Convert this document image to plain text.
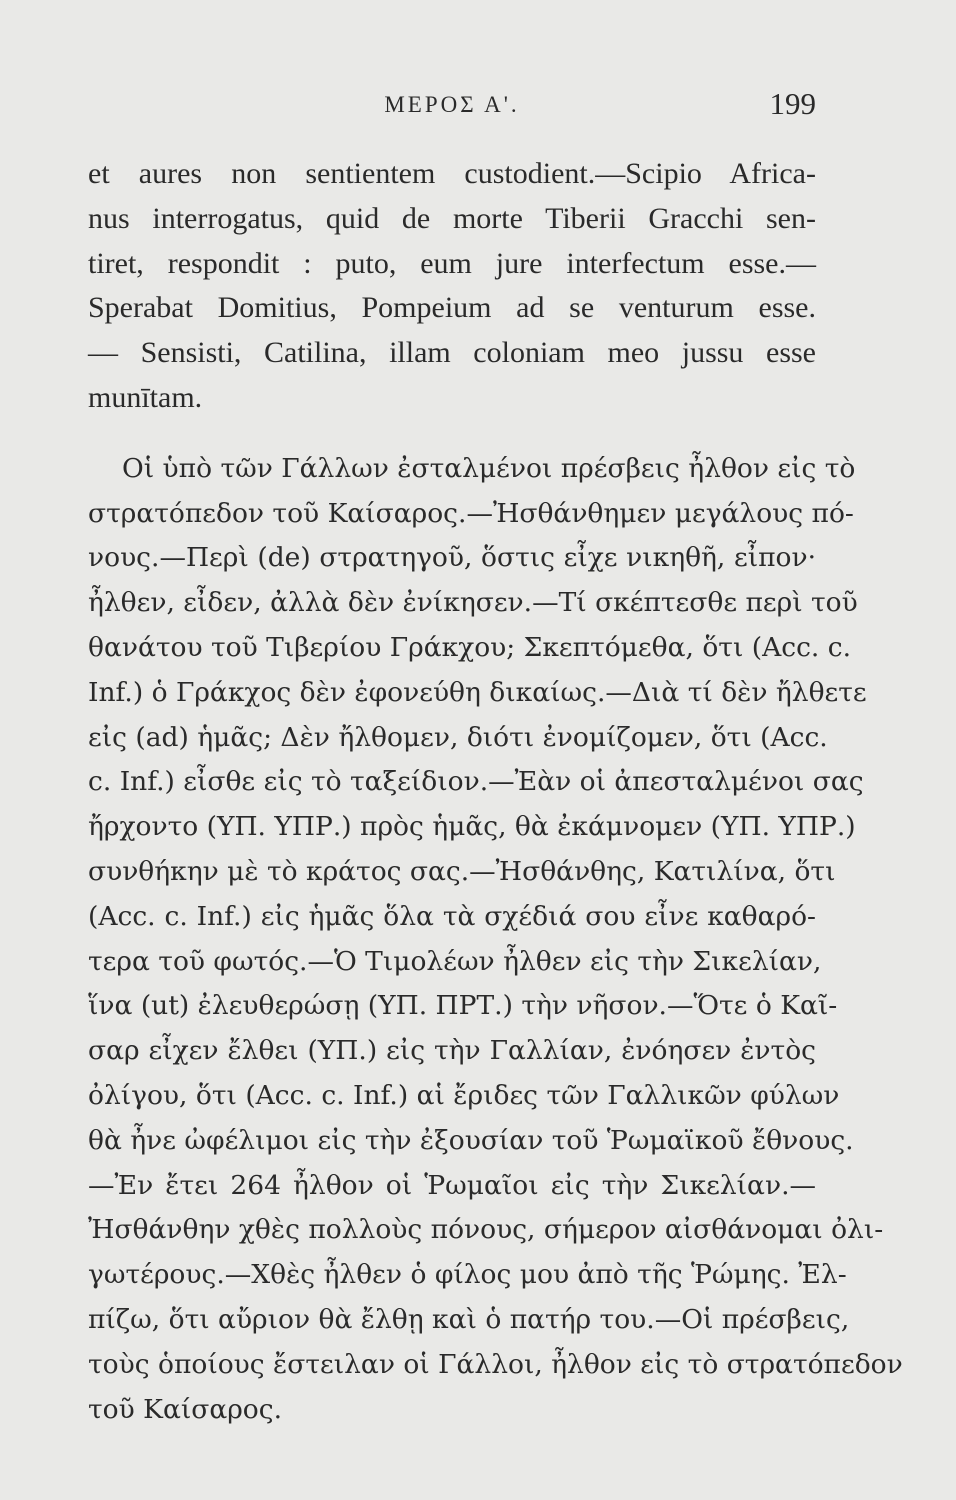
ΜΕΡΟΣ Α'.	199
et aures non sentientem custodient.—Scipio Africa-
nus interrogatus, quid de morte Tiberii Gracchi sen-
tiret, respondit : puto, eum jure interfectum esse.—
Sperabat Domitius, Pompeium ad se venturum esse.
— Sensisti, Catilina, illam coloniam meo jussu esse
munītam.
Οἱ ὑπὸ τῶν Γάλλων ἐσταλμένοι πρέσβεις ἦλθον εἰς τὸ
στρατόπεδον τοῦ Καίσαρος.—Ἠσθάνθημεν μεγάλους πό-
νους.—Περὶ (de) στρατηγοῦ, ὅστις εἶχε νικηθῆ, εἶπον·
ἦλθεν, εἶδεν, ἀλλὰ δὲν ἐνίκησεν.—Τί σκέπτεσθε περὶ τοῦ
θανάτου τοῦ Τιβερίου Γράκχου; Σκεπτόμεθα, ὅτι (Acc. c.
Inf.) ὁ Γράκχος δὲν ἐφονεύθη δικαίως.—Διὰ τί δὲν ἤλθετε
εἰς (ad) ἡμᾶς; Δὲν ἤλθομεν, διότι ἐνομίζομεν, ὅτι (Acc.
c. Inf.) εἶσθε εἰς τὸ ταξείδιον.—Ἐὰν οἱ ἀπεσταλμένοι σας
ἤρχοντο (ΥΠ. ΥΠΡ.) πρὸς ἡμᾶς, θὰ ἐκάμνομεν (ΥΠ. ΥΠΡ.)
συνθήκην μὲ τὸ κράτος σας.—Ἠσθάνθης, Κατιλίνα, ὅτι
(Acc. c. Inf.) εἰς ἡμᾶς ὅλα τὰ σχέδιά σου εἶνε καθαρό-
τερα τοῦ φωτός.—Ὁ Τιμολέων ἦλθεν εἰς τὴν Σικελίαν,
ἵνα (ut) ἐλευθερώσῃ (ΥΠ. ΠΡΤ.) τὴν νῆσον.—Ὅτε ὁ Καῖ-
σαρ εἶχεν ἔλθει (ΥΠ.) εἰς τὴν Γαλλίαν, ἐνόησεν ἐντὸς
ὀλίγου, ὅτι (Acc. c. Inf.) αἱ ἔριδες τῶν Γαλλικῶν φύλων
θὰ ἦνε ὠφέλιμοι εἰς τὴν ἐξουσίαν τοῦ Ῥωμαϊκοῦ ἔθνους.
—Ἐν ἔτει 264 ἦλθον οἱ Ῥωμαῖοι εἰς τὴν Σικελίαν.—
Ἠσθάνθην χθὲς πολλοὺς πόνους, σήμερον αἰσθάνομαι ὀλι-
γωτέρους.—Χθὲς ἦλθεν ὁ φίλος μου ἀπὸ τῆς Ῥώμης. Ἐλ-
πίζω, ὅτι αὔριον θὰ ἔλθῃ καὶ ὁ πατήρ του.—Οἱ πρέσβεις,
τοὺς ὁποίους ἔστειλαν οἱ Γάλλοι, ἦλθον εἰς τὸ στρατόπεδον
τοῦ Καίσαρος.
